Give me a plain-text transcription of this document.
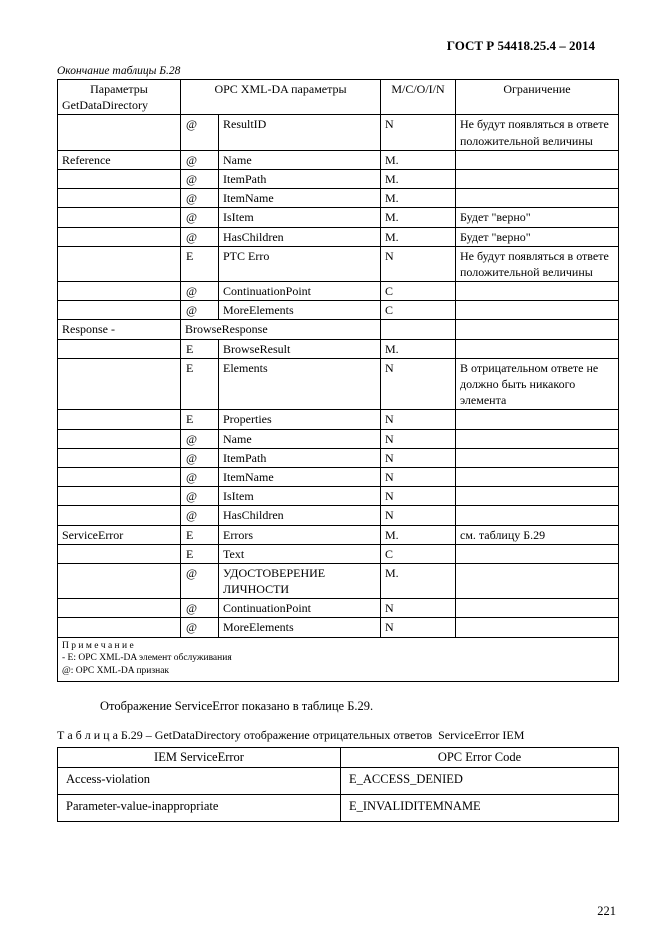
ГОСТ Р 54418.25.4 – 2014
Окончание таблицы Б.28
Параметры
GetDataDirectory	OPC XML-DA параметры		M/C/O/I/N	Ограничение
	@	ResultID	N	Не будут появляться в ответе положительной величины
Reference	@	Name	M.	
	@	ItemPath	M.	
	@	ItemName	M.	
	@	IsItem	M.	Будет "верно"
	@	HasChildren	M.	Будет "верно"
	E	PTC Erro	N	Не будут появляться в ответе положительной величины
	@	ContinuationPoint	C	
	@	MoreElements	C	
Response -	BrowseResponse			
	E	BrowseResult	M.	
	E	Elements	N	В отрицательном ответе не должно быть никакого элемента
	E	Properties	N	
	@	Name	N	
	@	ItemPath	N	
	@	ItemName	N	
	@	IsItem	N	
	@	HasChildren	N	
ServiceError	E	Errors	M.	см. таблицу Б.29
	E	Text	C	
	@	УДОСТОВЕРЕНИЕ ЛИЧНОСТИ	M.	
	@	ContinuationPoint	N	
	@	MoreElements	N	

П р и м е ч а н и е
- E: OPC XML-DA элемент обслуживания
@: OPC XML-DA признак				
Отображение ServiceError показано в таблице Б.29.
Т а б л и ц а Б.29 – GetDataDirectory отображение отрицательных ответов  ServiceError IEM
IEM ServiceError	OPC Error Code
Access-violation	E_ACCESS_DENIED
Parameter-value-inappropriate	E_INVALIDITEMNAME
221
